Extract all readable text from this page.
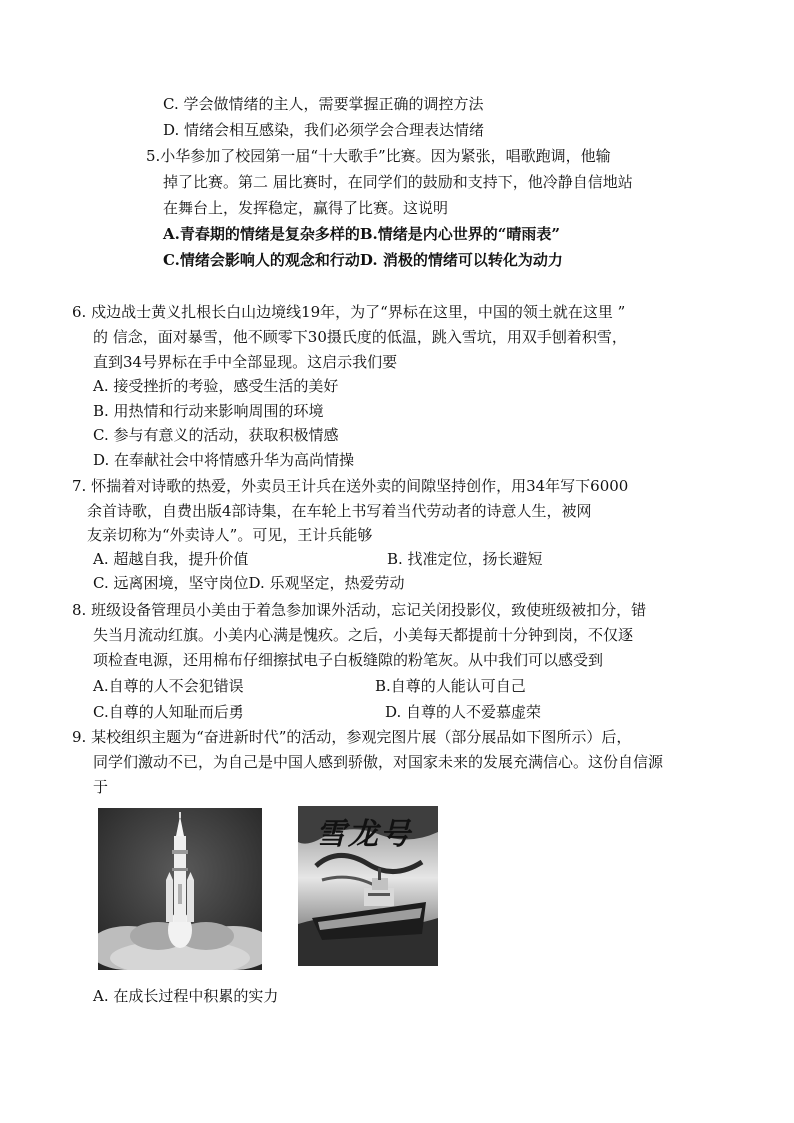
C. 学会做情绪的主人，需要掌握正确的调控方法
D. 情绪会相互感染，我们必须学会合理表达情绪
5.小华参加了校园第一届“十大歌手”比赛。因为紧张，唱歌跑调，他输
掉了比赛。第二 届比赛时，在同学们的鼓励和支持下，他冷静自信地站
在舞台上，发挥稳定，赢得了比赛。这说明
A.青春期的情绪是复杂多样的B.情绪是内心世界的“晴雨表”
C.情绪会影响人的观念和行动D. 消极的情绪可以转化为动力
6. 戍边战士黄义扎根长白山边境线19年，为了“界标在这里，中国的领土就在这里 ”
的 信念，面对暴雪，他不顾零下30摄氏度的低温，跳入雪坑，用双手刨着积雪，
直到34号界标在手中全部显现。这启示我们要
A. 接受挫折的考验，感受生活的美好
B. 用热情和行动来影响周围的环境
C. 参与有意义的活动，获取积极情感
D. 在奉献社会中将情感升华为高尚情操
7. 怀揣着对诗歌的热爱，外卖员王计兵在送外卖的间隙坚持创作，用34年写下6000
余首诗歌，自费出版4部诗集，在车轮上书写着当代劳动者的诗意人生，被网
友亲切称为“外卖诗人”。可见，王计兵能够
A. 超越自我，提升价值	B. 找准定位，扬长避短
C. 远离困境，坚守岗位D. 乐观坚定，热爱劳动
8. 班级设备管理员小美由于着急参加课外活动，忘记关闭投影仪，致使班级被扣分，错
失当月流动红旗。小美内心满是愧疚。之后，小美每天都提前十分钟到岗，不仅逐
项检查电源，还用棉布仔细擦拭电子白板缝隙的粉笔灰。从中我们可以感受到
A.自尊的人不会犯错误	B.自尊的人能认可自己
C.自尊的人知耻而后勇	D. 自尊的人不爱慕虚荣
9. 某校组织主题为“奋进新时代”的活动，参观完图片展（部分展品如下图所示）后，
同学们激动不已，为自己是中国人感到骄傲，对国家未来的发展充满信心。这份自信源
于
雪龙号
A. 在成长过程中积累的实力
